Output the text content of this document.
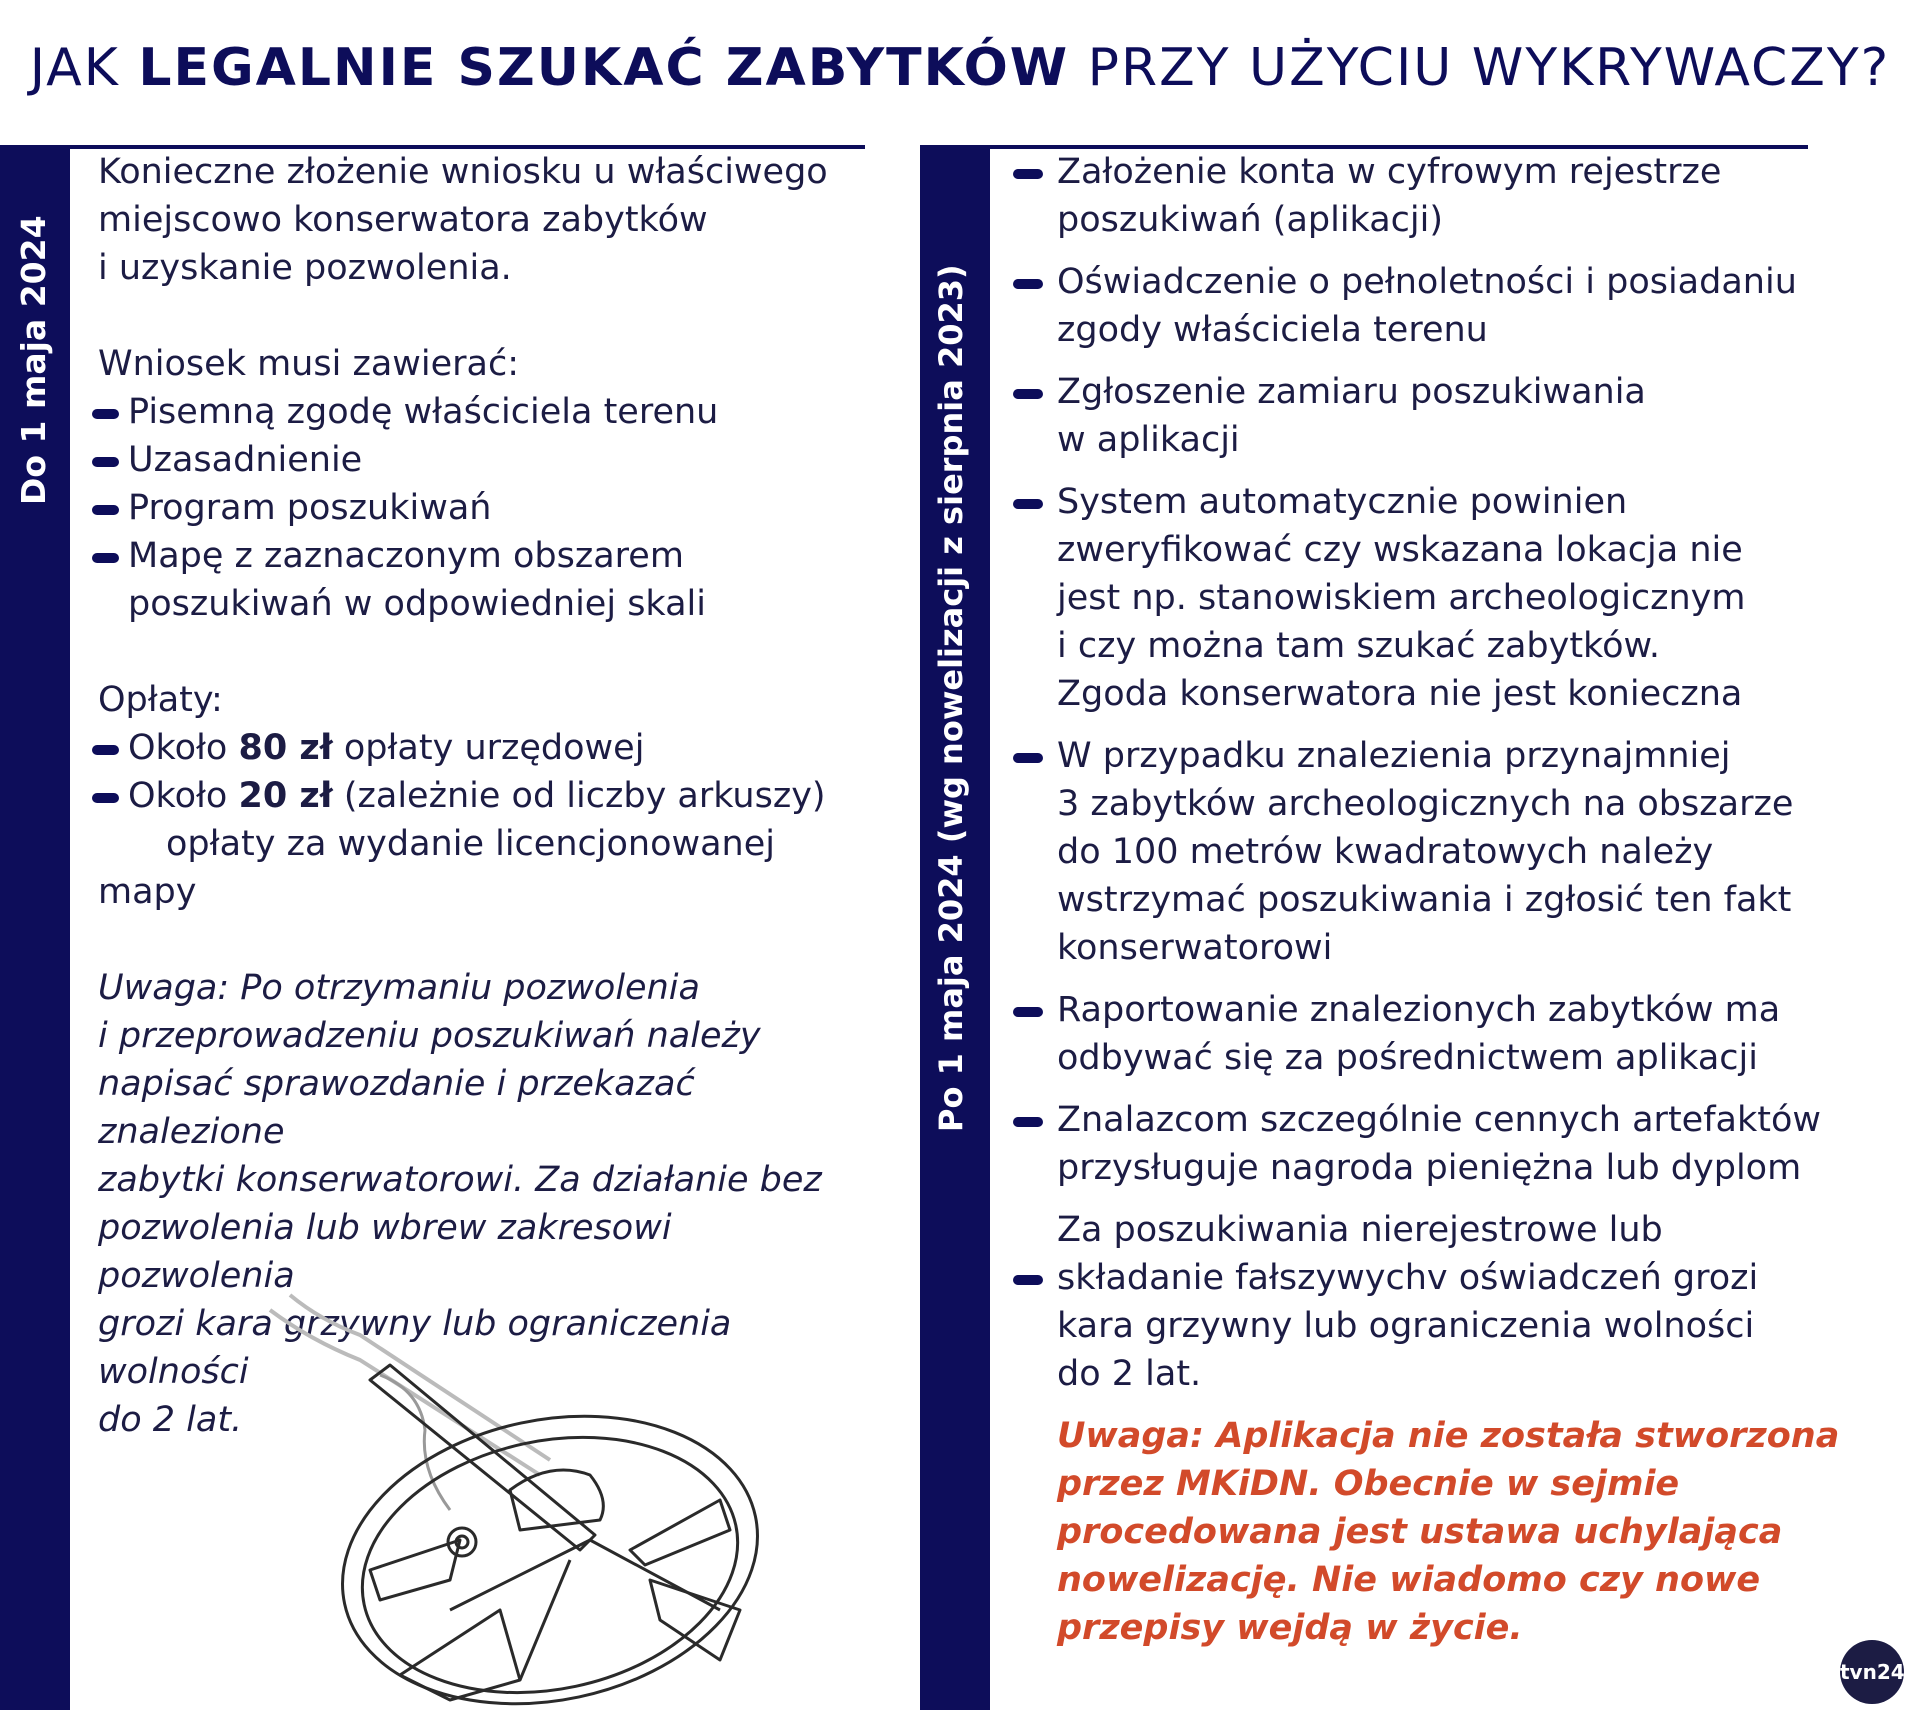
JAK LEGALNIE SZUKAĆ ZABYTKÓW PRZY UŻYCIU WYKRYWACZY?
Do 1 maja 2024	Po 1 maja 2024 (wg nowelizacji z sierpnia 2023)

Konieczne złożenie wniosku u właściwego

miejscowo konserwatora zabytków

i uzyskanie pozwolenia.

Wniosek musi zawierać:

Pisemną zgodę właściciela terenu
Uzasadnienie
Program poszukiwań
Mapę z zaznaczonym obszarem
poszukiwań w odpowiedniej skali

Opłaty:

Około 80 zł opłaty urzędowej
Około 20 zł (zależnie od liczby arkuszy)

opłaty za wydanie licencjonowanej

mapy

Uwaga: Po otrzymaniu pozwolenia

i przeprowadzeniu poszukiwań należy

napisać sprawozdanie i przekazać znalezione

zabytki konserwatorowi. Za działanie bez

pozwolenia lub wbrew zakresowi pozwolenia

grozi kara grzywny lub ograniczenia wolności

do 2 lat.

Założenie konta w cyfrowym rejestrze

poszukiwań (aplikacji)

Oświadczenie o pełnoletności i posiadaniu

zgody właściciela terenu

Zgłoszenie zamiaru poszukiwania

w aplikacji

System automatycznie powinien

zweryfikować czy wskazana lokacja nie

jest np. stanowiskiem archeologicznym

i czy można tam szukać zabytków.

Zgoda konserwatora nie jest konieczna

W przypadku znalezienia przynajmniej

3 zabytków archeologicznych na obszarze

do 100 metrów kwadratowych należy

wstrzymać poszukiwania i zgłosić ten fakt

konserwatorowi

Raportowanie znalezionych zabytków ma

odbywać się za pośrednictwem aplikacji

Znalazcom szczególnie cennych artefaktów

przysługuje nagroda pieniężna lub dyplom

Za poszukiwania nierejestrowe lub

składanie fałszywychv oświadczeń grozi

kara grzywny lub ograniczenia wolności

do 2 lat.

Uwaga: Aplikacja nie została stworzona

przez MKiDN. Obecnie w sejmie

procedowana jest ustawa uchylająca

nowelizację. Nie wiadomo czy nowe

przepisy wejdą w życie.

tvn24
